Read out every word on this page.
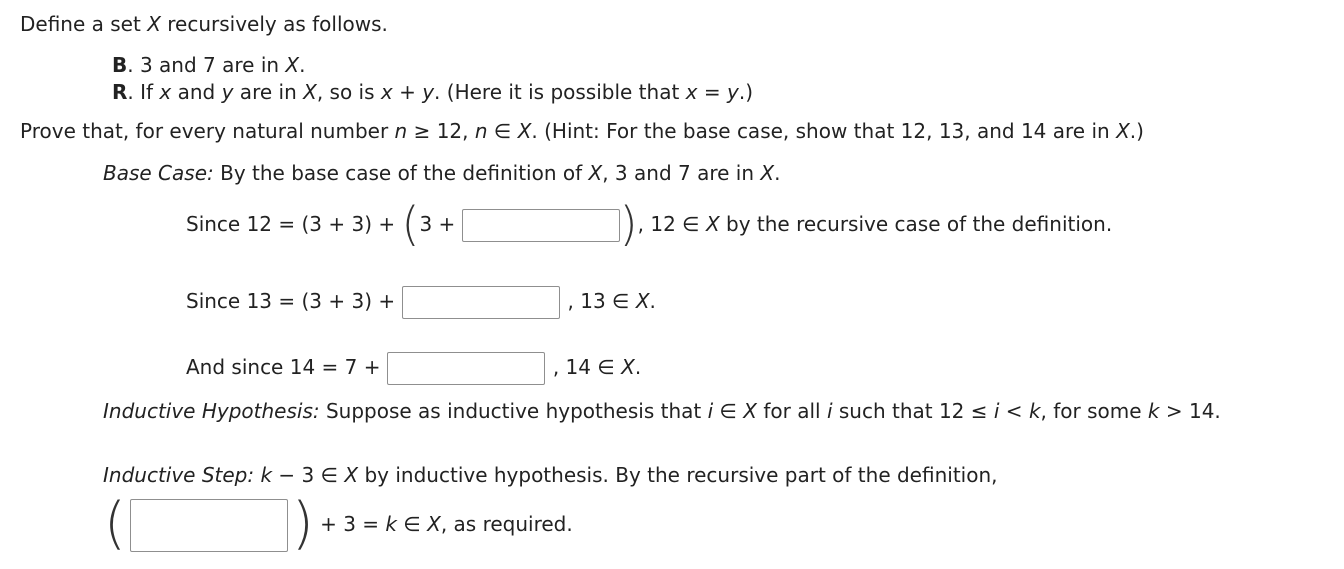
Define a set X recursively as follows.
B. 3 and 7 are in X.
R. If x and y are in X, so is x + y. (Here it is possible that x = y.)
Prove that, for every natural number n ≥ 12, n ∈ X. (Hint: For the base case, show that 12, 13, and 14 are in X.)
Base Case: By the base case of the definition of X, 3 and 7 are in X.
Since 12 = (3 + 3) + (3 +	), 12 ∈ X by the recursive case of the definition.
Since 13 = (3 + 3) +	, 13 ∈ X.
And since 14 = 7 +	, 14 ∈ X.
Inductive Hypothesis: Suppose as inductive hypothesis that i ∈ X for all i such that 12 ≤ i < k, for some k > 14.
Inductive Step: k − 3 ∈ X by inductive hypothesis. By the recursive part of the definition,
(	) + 3 = k ∈ X, as required.
